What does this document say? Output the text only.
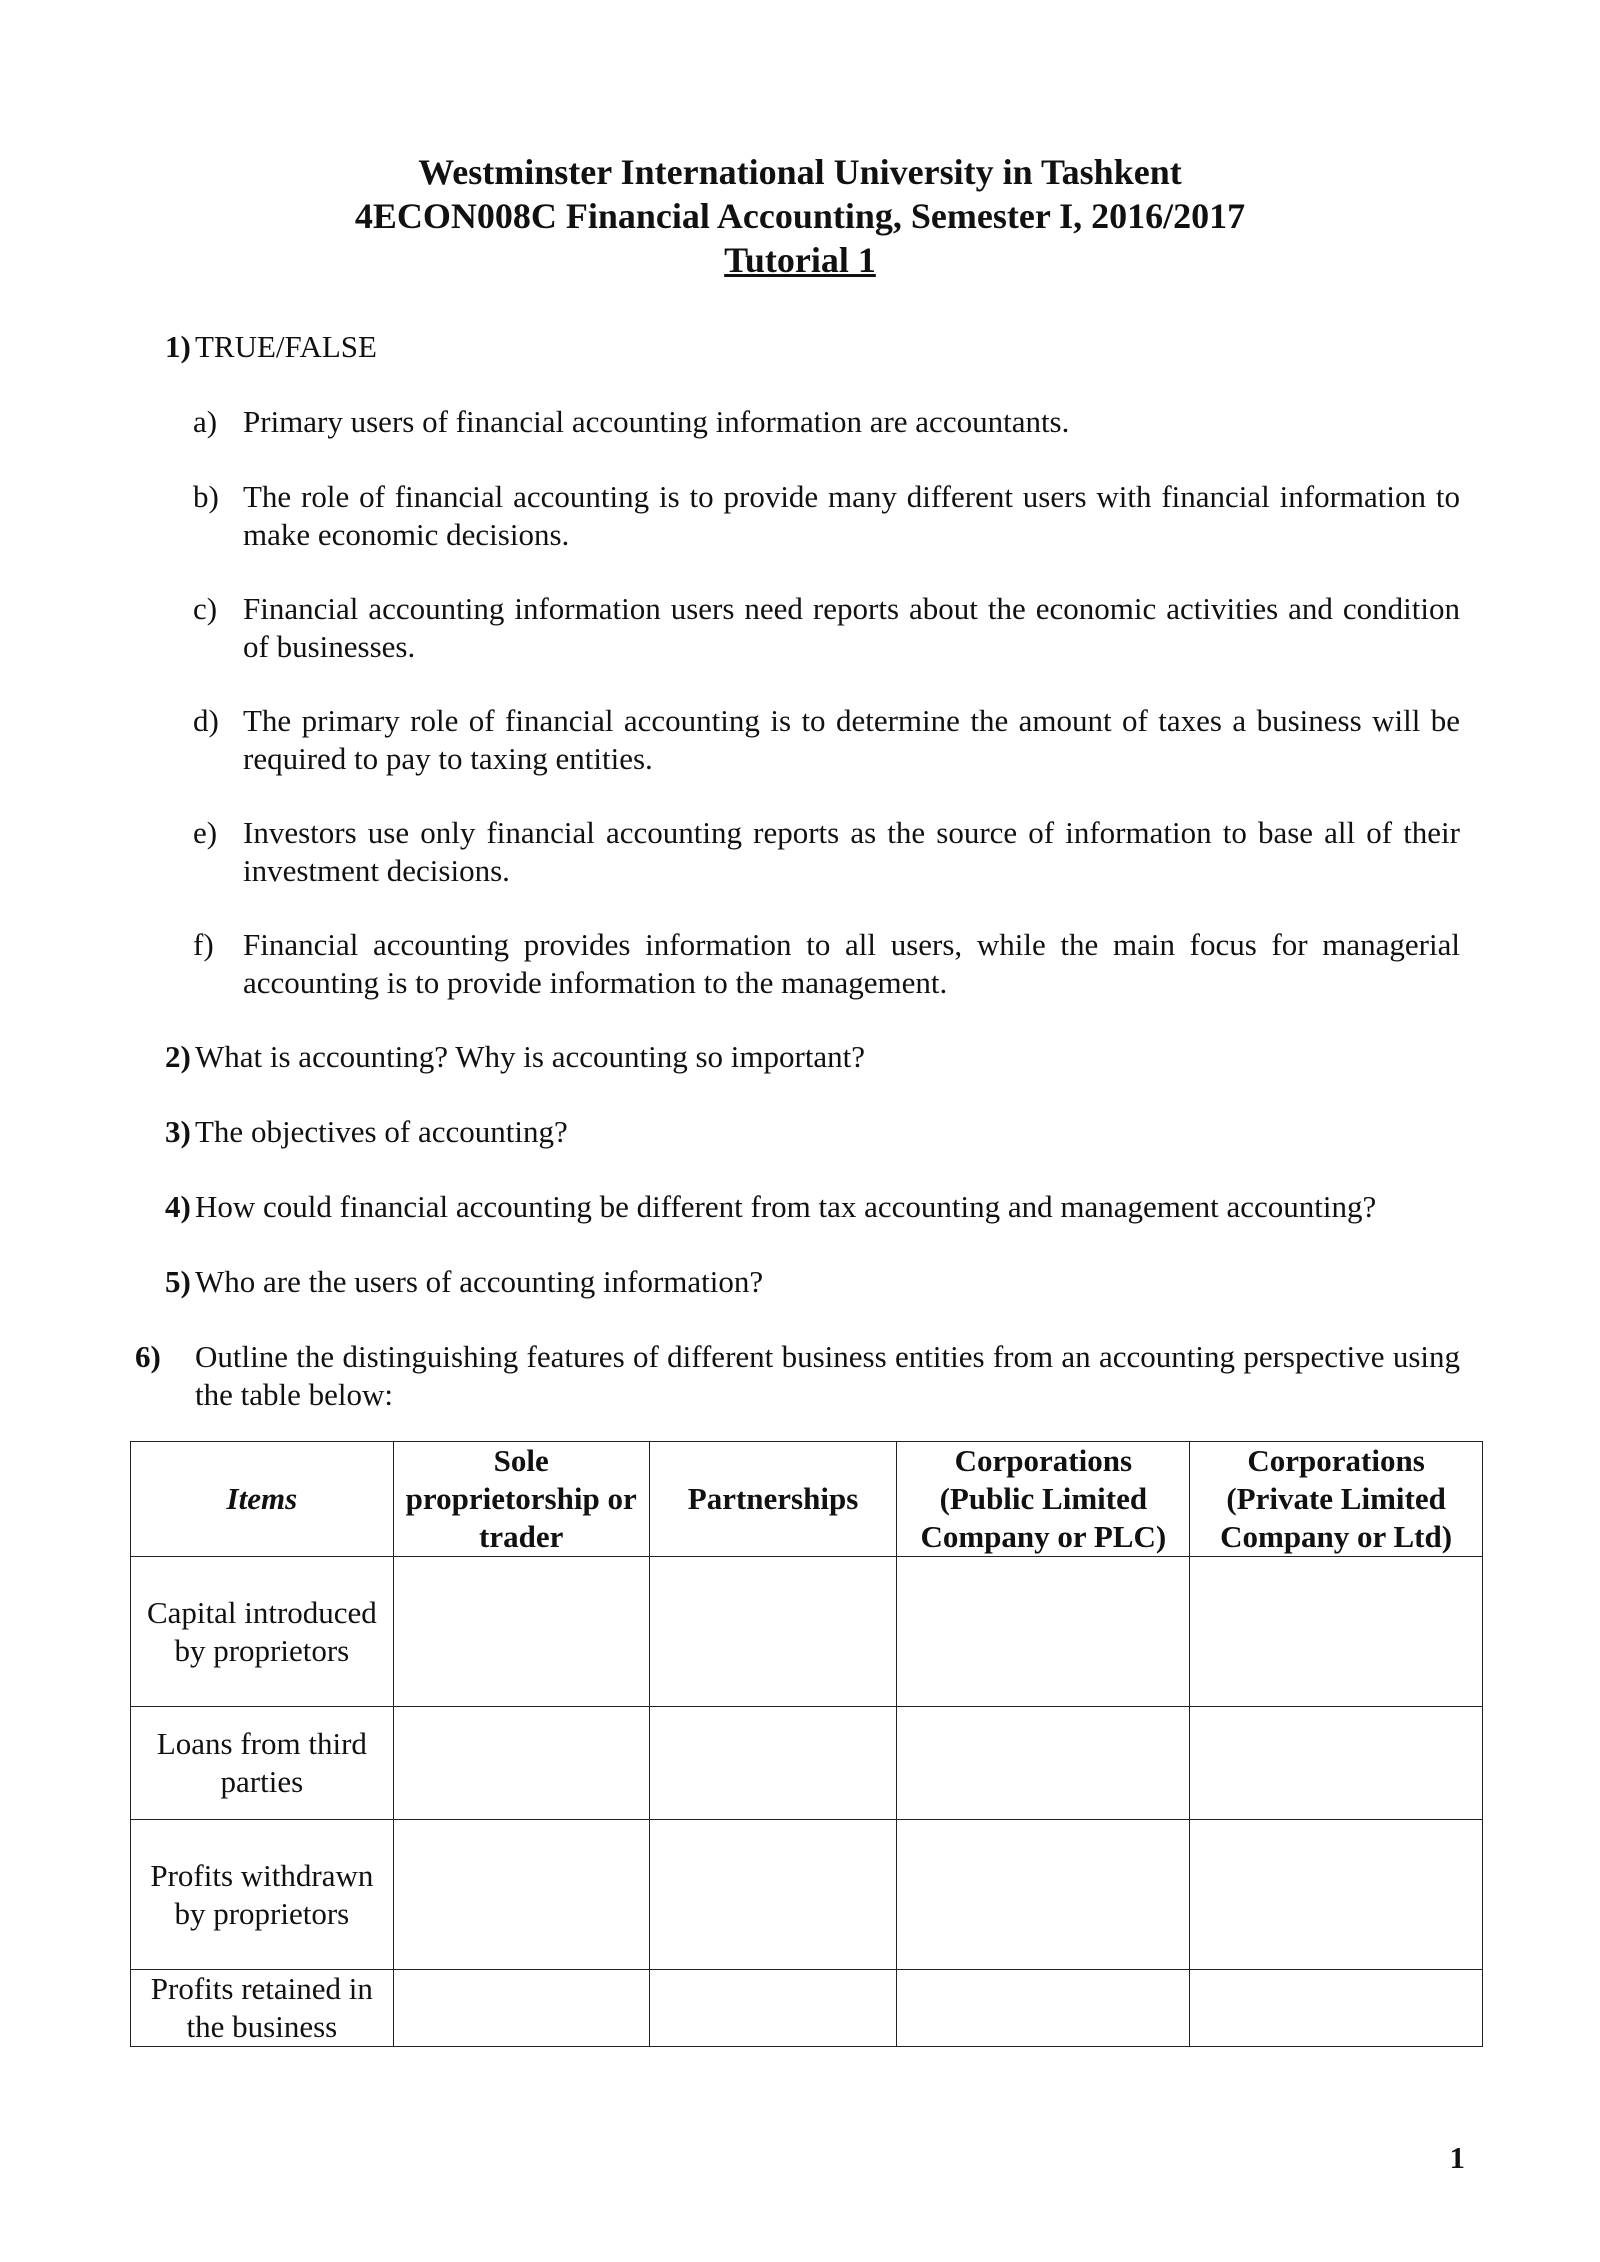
Westminster International University in Tashkent
4ECON008C Financial Accounting, Semester I, 2016/2017
Tutorial 1
1) TRUE/FALSE
a) Primary users of financial accounting information are accountants.
b) The role of financial accounting is to provide many different users with financial information to make economic decisions.
c) Financial accounting information users need reports about the economic activities and condition of businesses.
d) The primary role of financial accounting is to determine the amount of taxes a business will be required to pay to taxing entities.
e) Investors use only financial accounting reports as the source of information to base all of their investment decisions.
f) Financial accounting provides information to all users, while the main focus for managerial accounting is to provide information to the management.
2) What is accounting? Why is accounting so important?
3) The objectives of accounting?
4) How could financial accounting be different from tax accounting and management accounting?
5) Who are the users of accounting information?
6) Outline the distinguishing features of different business entities from an accounting perspective using the table below:
Items	Sole proprietorship or trader	Partnerships	Corporations (Public Limited Company or PLC)	Corporations (Private Limited Company or Ltd)
Capital introduced by proprietors				
Loans from third parties				
Profits withdrawn by proprietors				
Profits retained in the business				
1
